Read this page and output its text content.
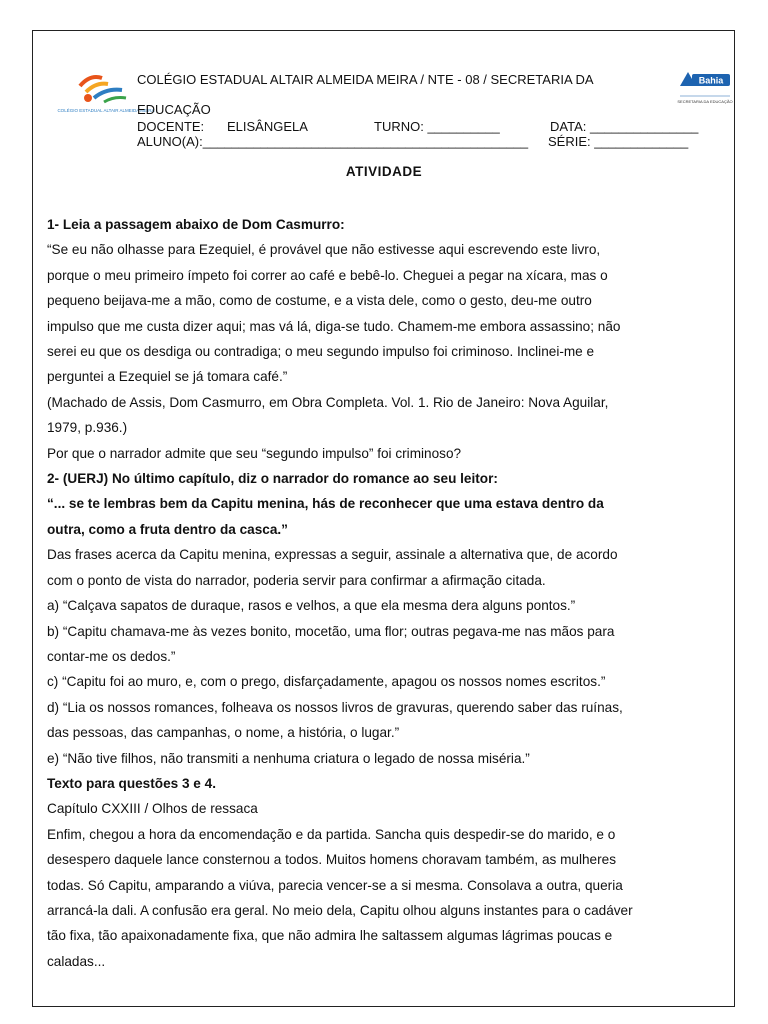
COLÉGIO ESTADUAL ALTAIR ALMEIDA MEIRA
Bahia
SECRETARIA DA EDUCAÇÃO
COLÉGIO ESTADUAL ALTAIR ALMEIDA MEIRA / NTE - 08 / SECRETARIA DA
EDUCAÇÃO
DOCENTE: ELISÂNGELA	TURNO: __________	DATA: _______________
ALUNO(A):_____________________________________________ SÉRIE: _____________
ATIVIDADE

1- Leia a passagem abaixo de Dom Casmurro:

“Se eu não olhasse para Ezequiel, é provável que não estivesse aqui escrevendo este livro,

porque o meu primeiro ímpeto foi correr ao café e bebê-lo. Cheguei a pegar na xícara, mas o

pequeno beijava-me a mão, como de costume, e a vista dele, como o gesto, deu-me outro

impulso que me custa dizer aqui; mas vá lá, diga-se tudo. Chamem-me embora assassino; não

serei eu que os desdiga ou contradiga; o meu segundo impulso foi criminoso. Inclinei-me e

perguntei a Ezequiel se já tomara café.”

(Machado de Assis, Dom Casmurro, em Obra Completa. Vol. 1. Rio de Janeiro: Nova Aguilar,

1979, p.936.)

Por que o narrador admite que seu “segundo impulso” foi criminoso?

2- (UERJ) No último capítulo, diz o narrador do romance ao seu leitor:

“... se te lembras bem da Capitu menina, hás de reconhecer que uma estava dentro da

outra, como a fruta dentro da casca.”

Das frases acerca da Capitu menina, expressas a seguir, assinale a alternativa que, de acordo

com o ponto de vista do narrador, poderia servir para confirmar a afirmação citada.

a) “Calçava sapatos de duraque, rasos e velhos, a que ela mesma dera alguns pontos.”

b) “Capitu chamava-me às vezes bonito, mocetão, uma flor; outras pegava-me nas mãos para

contar-me os dedos.”

c) “Capitu foi ao muro, e, com o prego, disfarçadamente, apagou os nossos nomes escritos.”

d) “Lia os nossos romances, folheava os nossos livros de gravuras, querendo saber das ruínas,

das pessoas, das campanhas, o nome, a história, o lugar.”

e) “Não tive filhos, não transmiti a nenhuma criatura o legado de nossa miséria.”

Texto para questões 3 e 4.

Capítulo CXXIII / Olhos de ressaca

Enfim, chegou a hora da encomendação e da partida. Sancha quis despedir-se do marido, e o

desespero daquele lance consternou a todos. Muitos homens choravam também, as mulheres

todas. Só Capitu, amparando a viúva, parecia vencer-se a si mesma. Consolava a outra, queria

arrancá-la dali. A confusão era geral. No meio dela, Capitu olhou alguns instantes para o cadáver

tão fixa, tão apaixonadamente fixa, que não admira lhe saltassem algumas lágrimas poucas e

caladas...
